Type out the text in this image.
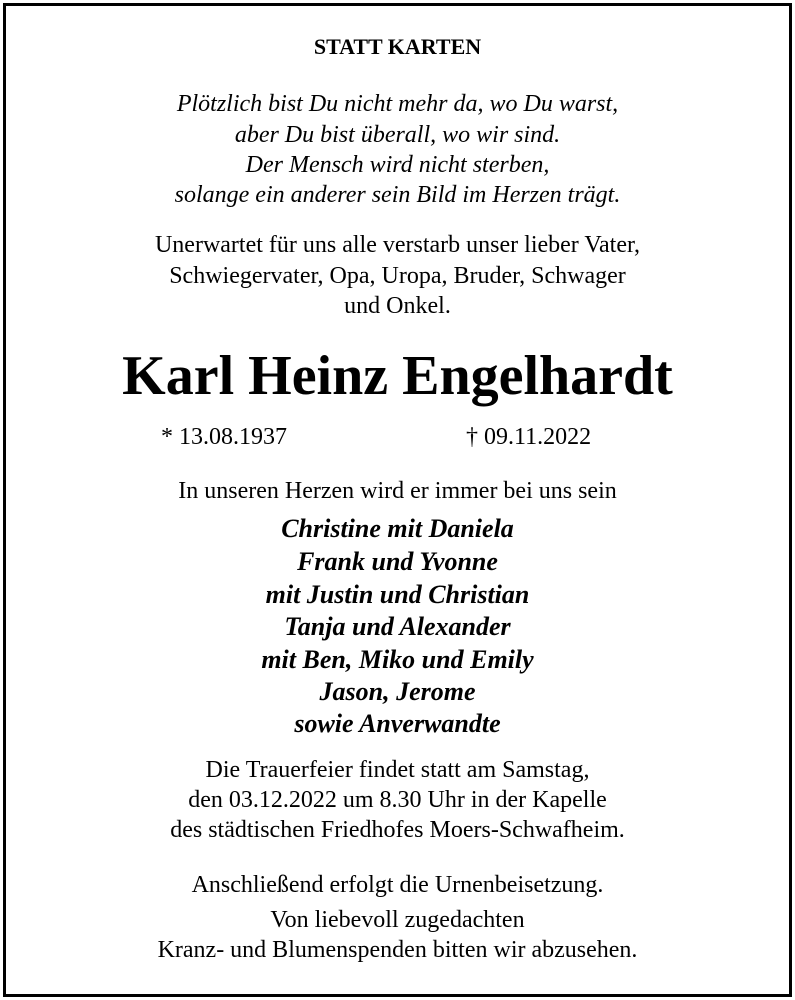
STATT KARTEN
Plötzlich bist Du nicht mehr da, wo Du warst,
aber Du bist überall, wo wir sind.
Der Mensch wird nicht sterben,
solange ein anderer sein Bild im Herzen trägt.
Unerwartet für uns alle verstarb unser lieber Vater,
Schwiegervater, Opa, Uropa, Bruder, Schwager
und Onkel.
Karl Heinz Engelhardt
* 13.08.1937	† 09.11.2022
In unseren Herzen wird er immer bei uns sein
Christine mit Daniela
Frank und Yvonne
mit Justin und Christian
Tanja und Alexander
mit Ben, Miko und Emily
Jason, Jerome
sowie Anverwandte
Die Trauerfeier findet statt am Samstag,
den 03.12.2022 um 8.30 Uhr in der Kapelle
des städtischen Friedhofes Moers-Schwafheim.
Anschließend erfolgt die Urnenbeisetzung.
Von liebevoll zugedachten
Kranz- und Blumenspenden bitten wir abzusehen.
